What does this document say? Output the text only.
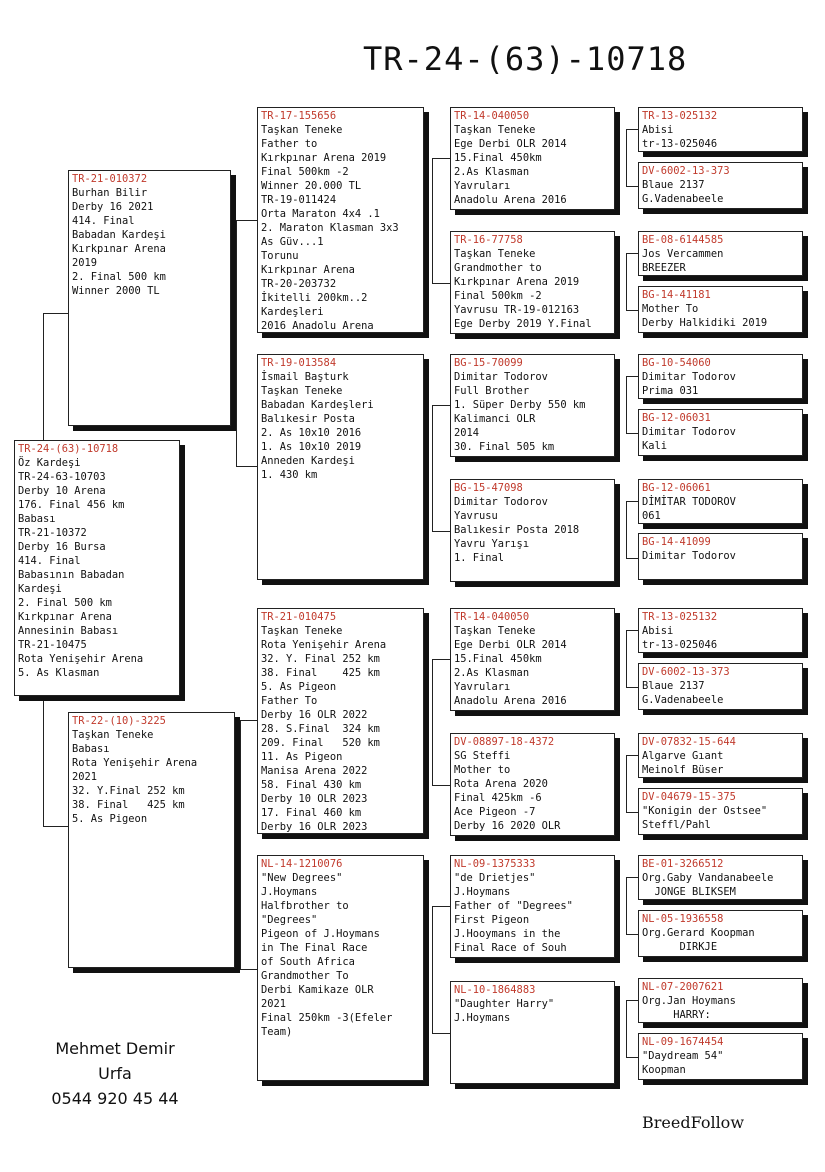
TR-24-(63)-10718
TR-24-(63)-10718
Öz Kardeşi
TR-24-63-10703
Derby 10 Arena
176. Final 456 km
Babası
TR-21-10372
Derby 16 Bursa
414. Final
Babasının Babadan
Kardeşi
2. Final 500 km
Kırkpınar Arena
Annesinin Babası
TR-21-10475
Rota Yenişehir Arena
5. As Klasman
TR-21-010372
Burhan Bilir
Derby 16 2021
414. Final
Babadan Kardeşi
Kırkpınar Arena
2019
2. Final 500 km
Winner 2000 TL
TR-22-(10)-3225
Taşkan Teneke
Babası
Rota Yenişehir Arena
2021
32. Y.Final 252 km
38. Final   425 km
5. As Pigeon
TR-17-155656
Taşkan Teneke
Father to
Kırkpınar Arena 2019
Final 500km -2
Winner 20.000 TL
TR-19-011424
Orta Maraton 4x4 .1
2. Maraton Klasman 3x3
As Güv...1
Torunu
Kırkpınar Arena
TR-20-203732
İkitelli 200km..2
Kardeşleri
2016 Anadolu Arena
TR-19-013584
İsmail Başturk
Taşkan Teneke
Babadan Kardeşleri
Balıkesir Posta
2. As 10x10 2016
1. As 10x10 2019
Anneden Kardeşi
1. 430 km
TR-21-010475
Taşkan Teneke
Rota Yenişehir Arena
32. Y. Final 252 km
38. Final    425 km
5. As Pigeon
Father To
Derby 16 OLR 2022
28. S.Final  324 km
209. Final   520 km
11. As Pigeon
Manisa Arena 2022
58. Final 430 km
Derby 10 OLR 2023
17. Final 460 km
Derby 16 OLR 2023
NL-14-1210076
"New Degrees"
J.Hoymans
Halfbrother to
"Degrees"
Pigeon of J.Hoymans
in The Final Race
of South Africa
Grandmother To
Derbi Kamikaze OLR
2021
Final 250km -3(Efeler
Team)
TR-14-040050
Taşkan Teneke
Ege Derbi OLR 2014
15.Final 450km
2.As Klasman
Yavruları
Anadolu Arena 2016
TR-16-77758
Taşkan Teneke
Grandmother to
Kırkpınar Arena 2019
Final 500km -2
Yavrusu TR-19-012163
Ege Derby 2019 Y.Final
BG-15-70099
Dimitar Todorov
Full Brother
1. Süper Derby 550 km
Kalimanci OLR
2014
30. Final 505 km
BG-15-47098
Dimitar Todorov
Yavrusu
Balıkesir Posta 2018
Yavru Yarışı
1. Final
TR-14-040050
Taşkan Teneke
Ege Derbi OLR 2014
15.Final 450km
2.As Klasman
Yavruları
Anadolu Arena 2016
DV-08897-18-4372
SG Steffi
Mother to
Rota Arena 2020
Final 425km -6
Ace Pigeon -7
Derby 16 2020 OLR
NL-09-1375333
"de Drietjes"
J.Hoymans
Father of "Degrees"
First Pigeon
J.Hooymans in the
Final Race of Souh
NL-10-1864883
"Daughter Harry"
J.Hoymans
TR-13-025132
Abisi
tr-13-025046
DV-6002-13-373
Blaue 2137
G.Vadenabeele
BE-08-6144585
Jos Vercammen
BREEZER
BG-14-41181
Mother To
Derby Halkidiki 2019
BG-10-54060
Dimitar Todorov
Prima 031
BG-12-06031
Dimitar Todorov
Kali
BG-12-06061
DİMİTAR TODOROV
061
BG-14-41099
Dimitar Todorov
TR-13-025132
Abisi
tr-13-025046
DV-6002-13-373
Blaue 2137
G.Vadenabeele
DV-07832-15-644
Algarve Gıant
Meinolf Büser
DV-04679-15-375
"Konigin der Ostsee"
Steffl/Pahl
BE-01-3266512
Org.Gaby Vandanabeele
JONGE BLIKSEM
NL-05-1936558
Org.Gerard Koopman
DIRKJE
NL-07-2007621
Org.Jan Hoymans
HARRY:
NL-09-1674454
"Daydream 54"
Koopman
Mehmet Demir
Urfa
0544 920 45 44
BreedFollow
